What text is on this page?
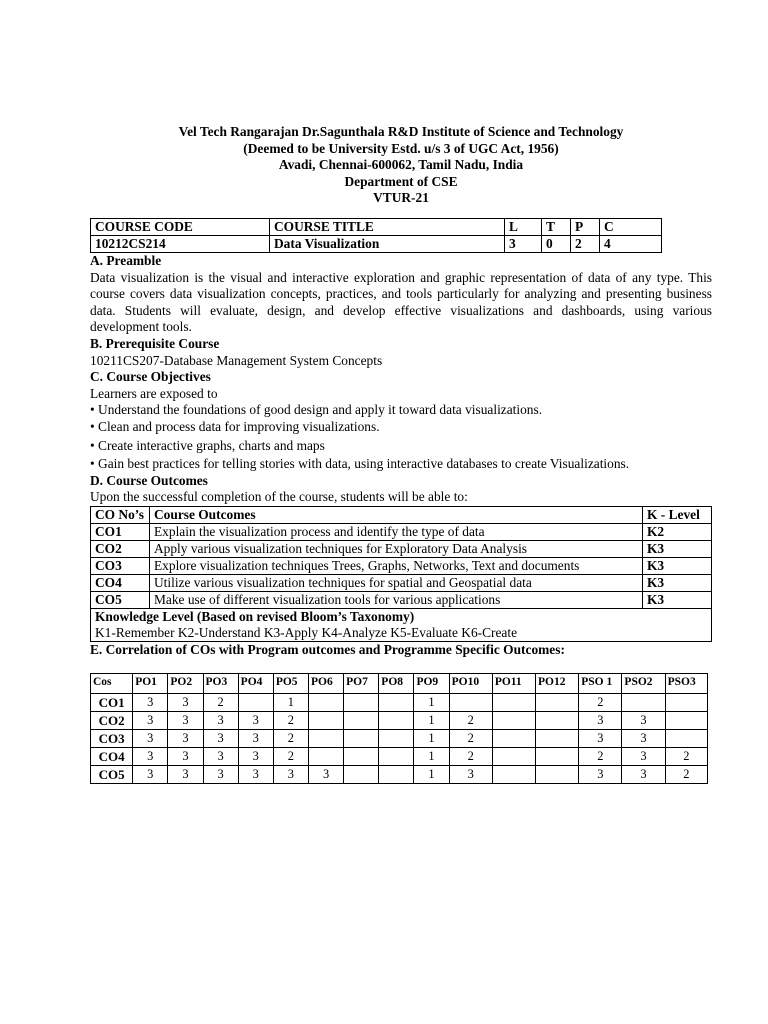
Vel Tech Rangarajan Dr.Sagunthala R&D Institute of Science and Technology
(Deemed to be University Estd. u/s 3 of UGC Act, 1956)
Avadi, Chennai-600062, Tamil Nadu, India
Department of CSE
VTUR-21
COURSE CODE	COURSE TITLE	L	T	P	C
10212CS214	Data Visualization	3	0	2	4
A. Preamble
Data visualization is the visual and interactive exploration and graphic representation of data of any type. This course covers data visualization concepts, practices, and tools particularly for analyzing and presenting business data. Students will evaluate, design, and develop effective visualizations and dashboards, using various development tools.
B. Prerequisite Course
10211CS207-Database Management System Concepts
C. Course Objectives
Learners are exposed to
• Understand the foundations of good design and apply it toward data visualizations.
• Clean and process data for improving visualizations.
• Create interactive graphs, charts and maps
• Gain best practices for telling stories with data, using interactive databases to create Visualizations.
D. Course Outcomes
Upon the successful completion of the course, students will be able to:
CO No’s	Course Outcomes	K - Level
CO1	Explain the visualization process and identify the type of data	K2
CO2	Apply various visualization techniques for Exploratory Data Analysis	K3
CO3	Explore visualization techniques Trees, Graphs, Networks, Text and documents	K3
CO4	Utilize various visualization techniques for spatial and Geospatial data	K3
CO5	Make use of different visualization tools for various applications	K3

Knowledge Level (Based on revised Bloom’s Taxonomy)
K1-Remember K2-Understand K3-Apply K4-Analyze K5-Evaluate K6-Create		
E. Correlation of COs with Program outcomes and Programme Specific Outcomes:
Cos	PO1	PO2	PO3	PO4	PO5	PO6	PO7	PO8	PO9	PO10	PO11	PO12	PSO 1	PSO2	PSO3
CO1	3	3	2		1				1				2		
CO2	3	3	3	3	2				1	2			3	3	
CO3	3	3	3	3	2				1	2			3	3	
CO4	3	3	3	3	2				1	2			2	3	2
CO5	3	3	3	3	3	3			1	3			3	3	2
